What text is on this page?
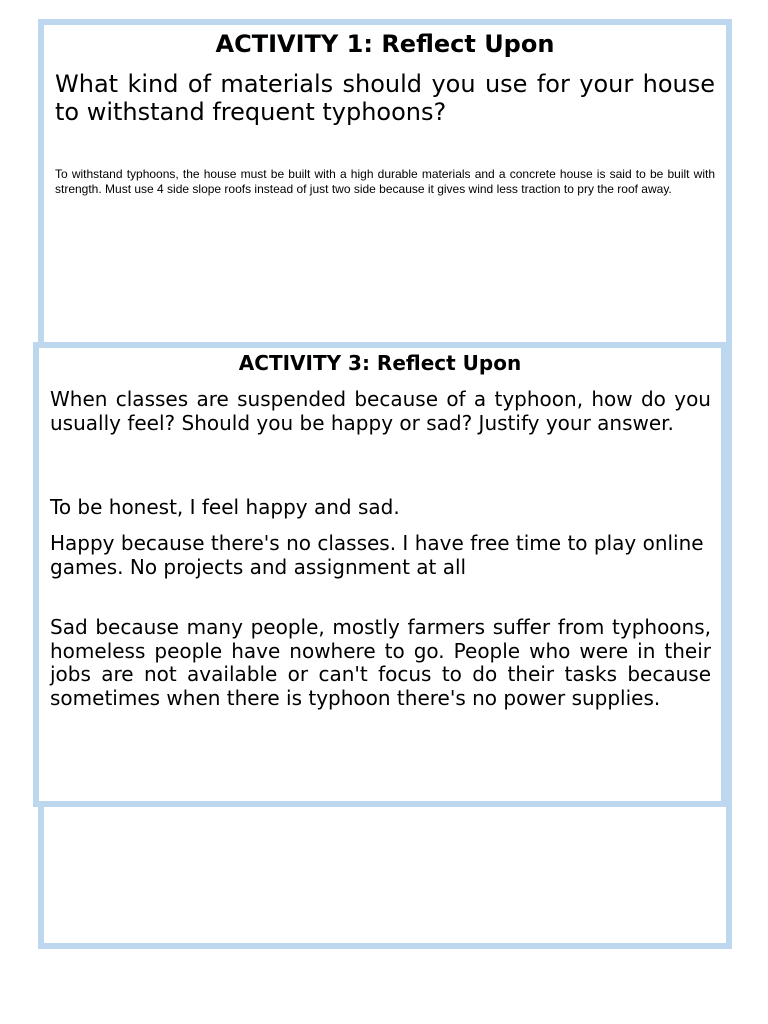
ACTIVITY 1: Reflect Upon

What kind of materials should you use for your house to withstand frequent typhoons?

To withstand typhoons, the house must be built with a high durable materials and a concrete house is said to be built with strength. Must use 4 side slope roofs instead of just two side because it gives wind less traction to pry the roof away.

ACTIVITY 3: Reflect Upon

When classes are suspended because of a typhoon, how do you usually feel? Should you be happy or sad? Justify your answer.

To be honest, I feel happy and sad.

Happy because there's no classes. I have free time to play online games. No projects and assignment at all

Sad because many people, mostly farmers suffer from typhoons, homeless people have nowhere to go. People who were in their jobs are not available or can't focus to do their tasks because sometimes when there is typhoon there's no power supplies.
